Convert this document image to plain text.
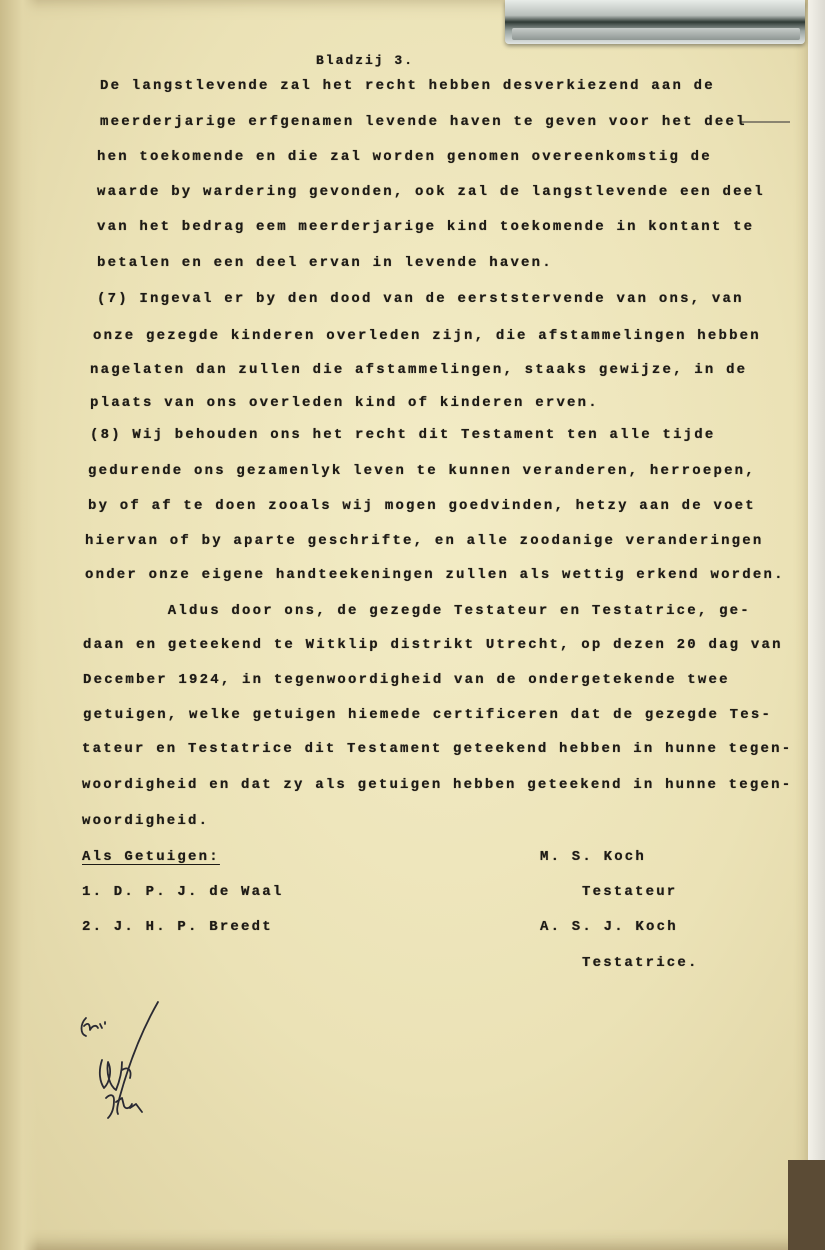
Bladzij 3.
De langstlevende zal het recht hebben desverkiezend aan de
meerderjarige erfgenamen levende haven te geven voor het deel
hen toekomende en die zal worden genomen overeenkomstig de
waarde by wardering gevonden, ook zal de langstlevende een deel
van het bedrag eem meerderjarige kind toekomende in kontant te
betalen en een deel ervan in levende haven.
(7) Ingeval er by den dood van de eerststervende van ons, van
onze gezegde kinderen overleden zijn, die afstammelingen hebben
nagelaten dan zullen die afstammelingen, staaks gewijze, in de
plaats van ons overleden kind of kinderen erven.
(8) Wij behouden ons het recht dit Testament ten alle tijde
gedurende ons gezamenlyk leven te kunnen veranderen, herroepen,
by of af te doen zooals wij mogen goedvinden, hetzy aan de voet
hiervan of by aparte geschrifte, en alle zoodanige veranderingen
onder onze eigene handteekeningen zullen als wettig erkend worden.
Aldus door ons, de gezegde Testateur en Testatrice, ge-
daan en geteekend te Witklip distrikt Utrecht, op dezen 20 dag van
December 1924, in tegenwoordigheid van de ondergetekende twee
getuigen, welke getuigen hiemede certificeren dat de gezegde Tes-
tateur en Testatrice dit Testament geteekend hebben in hunne tegen-
woordigheid en dat zy als getuigen hebben geteekend in hunne tegen-
woordigheid.
Als Getuigen:
1. D. P. J. de Waal
2. J. H. P. Breedt
M. S. Koch
Testateur
A. S. J. Koch
Testatrice.
